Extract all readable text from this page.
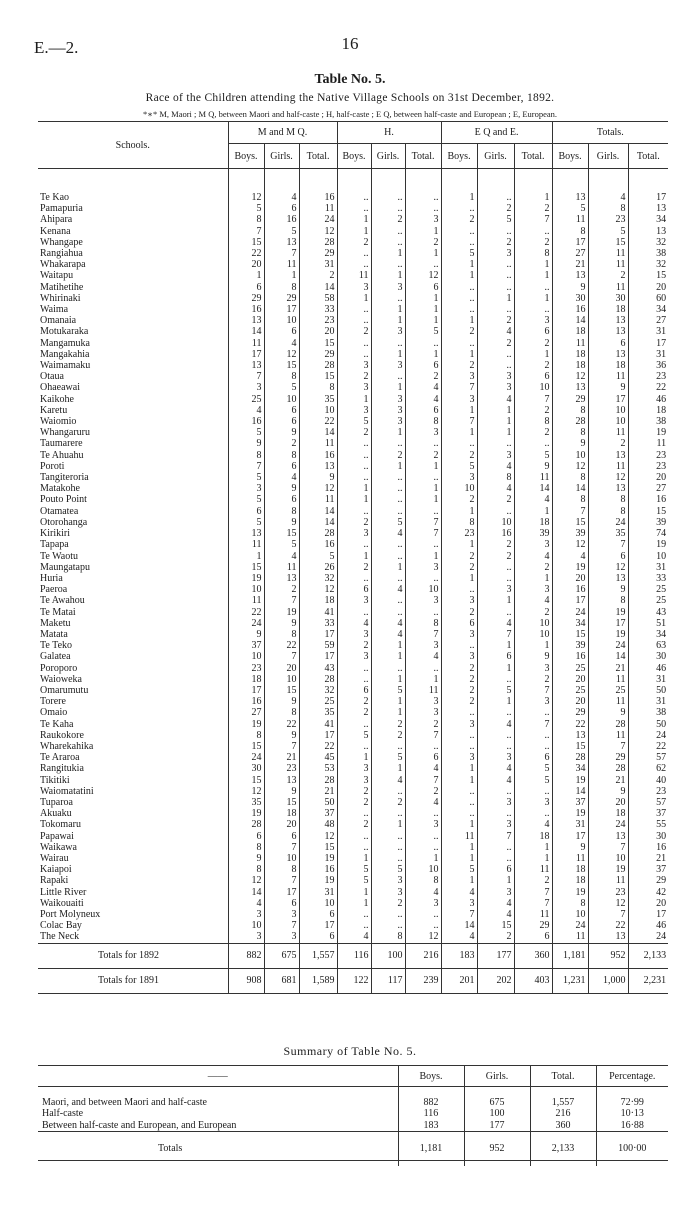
E.—2.	16
Table No. 5.
Race of the Children attending the Native Village Schools on 31st December, 1892.
*∗* M, Maori ; M Q, between Maori and half-caste ; H, half-caste ; E Q, between half-caste and European ; E, European.
Schools.	M and M Q.			H.			E Q and E.			Totals.		
	Boys.	Girls.	Total.	Boys.	Girls.	Total.	Boys.	Girls.	Total.	Boys.	Girls.	Total.

Te Kao	12	4	16	..	..	..	1	..	1	13	4	17
Pamapuria	5	6	11	..	..	..	..	2	2	5	8	13
Ahipara	8	16	24	1	2	3	2	5	7	11	23	34
Kenana	7	5	12	1	..	1	..	..	..	8	5	13
Whangape	15	13	28	2	..	2	..	2	2	17	15	32
Rangiahua	22	7	29	..	1	1	5	3	8	27	11	38
Whakarapa	20	11	31	..	..	..	1	..	1	21	11	32
Waitapu	1	1	2	11	1	12	1	..	1	13	2	15
Matihetihe	6	8	14	3	3	6	..	..	..	9	11	20
Whirinaki	29	29	58	1	..	1	..	1	1	30	30	60
Waima	16	17	33	..	1	1	..	..	..	16	18	34
Omanaia	13	10	23	..	1	1	1	2	3	14	13	27
Motukaraka	14	6	20	2	3	5	2	4	6	18	13	31
Mangamuka	11	4	15	..	..	..	..	2	2	11	6	17
Mangakahia	17	12	29	..	1	1	1	..	1	18	13	31
Waimamaku	13	15	28	3	3	6	2	..	2	18	18	36
Otaua	7	8	15	2	..	2	3	3	6	12	11	23
Ohaeawai	3	5	8	3	1	4	7	3	10	13	9	22
Kaikohe	25	10	35	1	3	4	3	4	7	29	17	46
Karetu	4	6	10	3	3	6	1	1	2	8	10	18
Waiomio	16	6	22	5	3	8	7	1	8	28	10	38
Whangaruru	5	9	14	2	1	3	1	1	2	8	11	19
Taumarere	9	2	11	..	..	..	..	..	..	9	2	11
Te Ahuahu	8	8	16	..	2	2	2	3	5	10	13	23
Poroti	7	6	13	..	1	1	5	4	9	12	11	23
Tangiteroria	5	4	9	..	..	..	3	8	11	8	12	20
Matakohe	3	9	12	1	..	1	10	4	14	14	13	27
Pouto Point	5	6	11	1	..	1	2	2	4	8	8	16
Otamatea	6	8	14	..	..	..	1	..	1	7	8	15
Otorohanga	5	9	14	2	5	7	8	10	18	15	24	39
Kirikiri	13	15	28	3	4	7	23	16	39	39	35	74
Tapapa	11	5	16	..	..	..	1	2	3	12	7	19
Te Waotu	1	4	5	1	..	1	2	2	4	4	6	10
Maungatapu	15	11	26	2	1	3	2	..	2	19	12	31
Huria	19	13	32	..	..	..	1	..	1	20	13	33
Paeroa	10	2	12	6	4	10	..	3	3	16	9	25
Te Awahou	11	7	18	3	..	3	3	1	4	17	8	25
Te Matai	22	19	41	..	..	..	2	..	2	24	19	43
Maketu	24	9	33	4	4	8	6	4	10	34	17	51
Matata	9	8	17	3	4	7	3	7	10	15	19	34
Te Teko	37	22	59	2	1	3	..	1	1	39	24	63
Galatea	10	7	17	3	1	4	3	6	9	16	14	30
Poroporo	23	20	43	..	..	..	2	1	3	25	21	46
Waioweka	18	10	28	..	1	1	2	..	2	20	11	31
Omarumutu	17	15	32	6	5	11	2	5	7	25	25	50
Torere	16	9	25	2	1	3	2	1	3	20	11	31
Omaio	27	8	35	2	1	3	..	..	..	29	9	38
Te Kaha	19	22	41	..	2	2	3	4	7	22	28	50
Raukokore	8	9	17	5	2	7	..	..	..	13	11	24
Wharekahika	15	7	22	..	..	..	..	..	..	15	7	22
Te Araroa	24	21	45	1	5	6	3	3	6	28	29	57
Rangitukia	30	23	53	3	1	4	1	4	5	34	28	62
Tikitiki	15	13	28	3	4	7	1	4	5	19	21	40
Waiomatatini	12	9	21	2	..	2	..	..	..	14	9	23
Tuparoa	35	15	50	2	2	4	..	3	3	37	20	57
Akuaku	19	18	37	..	..	..	..	..	..	19	18	37
Tokomaru	28	20	48	2	1	3	1	3	4	31	24	55
Papawai	6	6	12	..	..	..	11	7	18	17	13	30
Waikawa	8	7	15	..	..	..	1	..	1	9	7	16
Wairau	9	10	19	1	..	1	1	..	1	11	10	21
Kaiapoi	8	8	16	5	5	10	5	6	11	18	19	37
Rapaki	12	7	19	5	3	8	1	1	2	18	11	29
Little River	14	17	31	1	3	4	4	3	7	19	23	42
Waikouaiti	4	6	10	1	2	3	3	4	7	8	12	20
Port Molyneux	3	3	6	..	..	..	7	4	11	10	7	17
Colac Bay	10	7	17	..	..	..	14	15	29	24	22	46
The Neck	3	3	6	4	8	12	4	2	6	11	13	24
Totals for 1892	882	675	1,557	116	100	216	183	177	360	1,181	952	2,133
Totals for 1891	908	681	1,589	122	117	239	201	202	403	1,231	1,000	2,231
Summary of Table No. 5.
——	Boys.	Girls.	Total.	Percentage.

Maori, and between Maori and half-caste	882	675	1,557	72·99
Half-caste	116	100	216	10·13
Between half-caste and European, and European	183	177	360	16·88
Totals	1,181	952	2,133	100·00
